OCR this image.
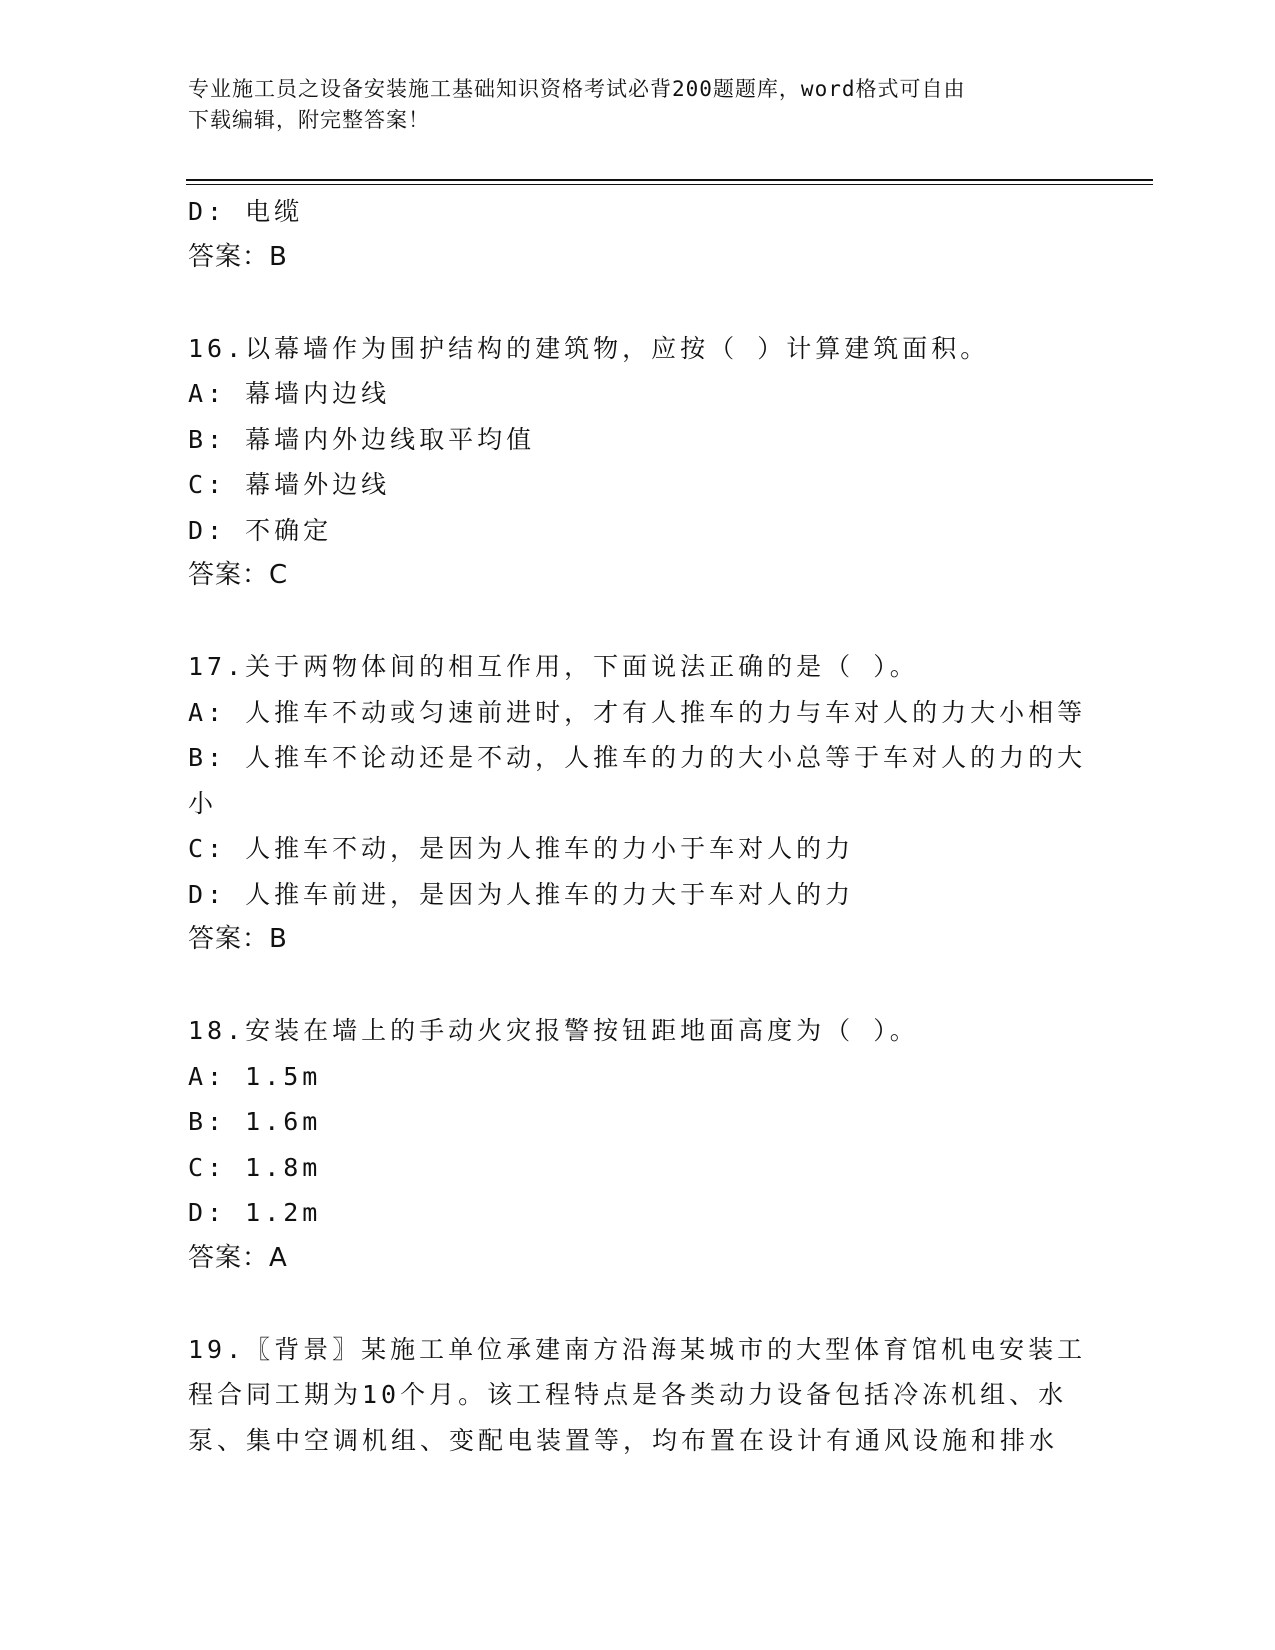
专业施工员之设备安装施工基础知识资格考试必背200题题库，word格式可自由
下载编辑，附完整答案！
D: 电缆
答案：B
16.以幕墙作为围护结构的建筑物，应按（ ）计算建筑面积。
A: 幕墙内边线
B: 幕墙内外边线取平均值
C: 幕墙外边线
D: 不确定
答案：C
17.关于两物体间的相互作用，下面说法正确的是（ ）。
A: 人推车不动或匀速前进时，才有人推车的力与车对人的力大小相等
B: 人推车不论动还是不动，人推车的力的大小总等于车对人的力的大
小
C: 人推车不动，是因为人推车的力小于车对人的力
D: 人推车前进，是因为人推车的力大于车对人的力
答案：B
18.安装在墙上的手动火灾报警按钮距地面高度为（ ）。
A: 1.5m
B: 1.6m
C: 1.8m
D: 1.2m
答案：A
19.〖背景〗某施工单位承建南方沿海某城市的大型体育馆机电安装工
程合同工期为10个月。该工程特点是各类动力设备包括冷冻机组、水
泵、集中空调机组、变配电装置等，均布置在设计有通风设施和排水
